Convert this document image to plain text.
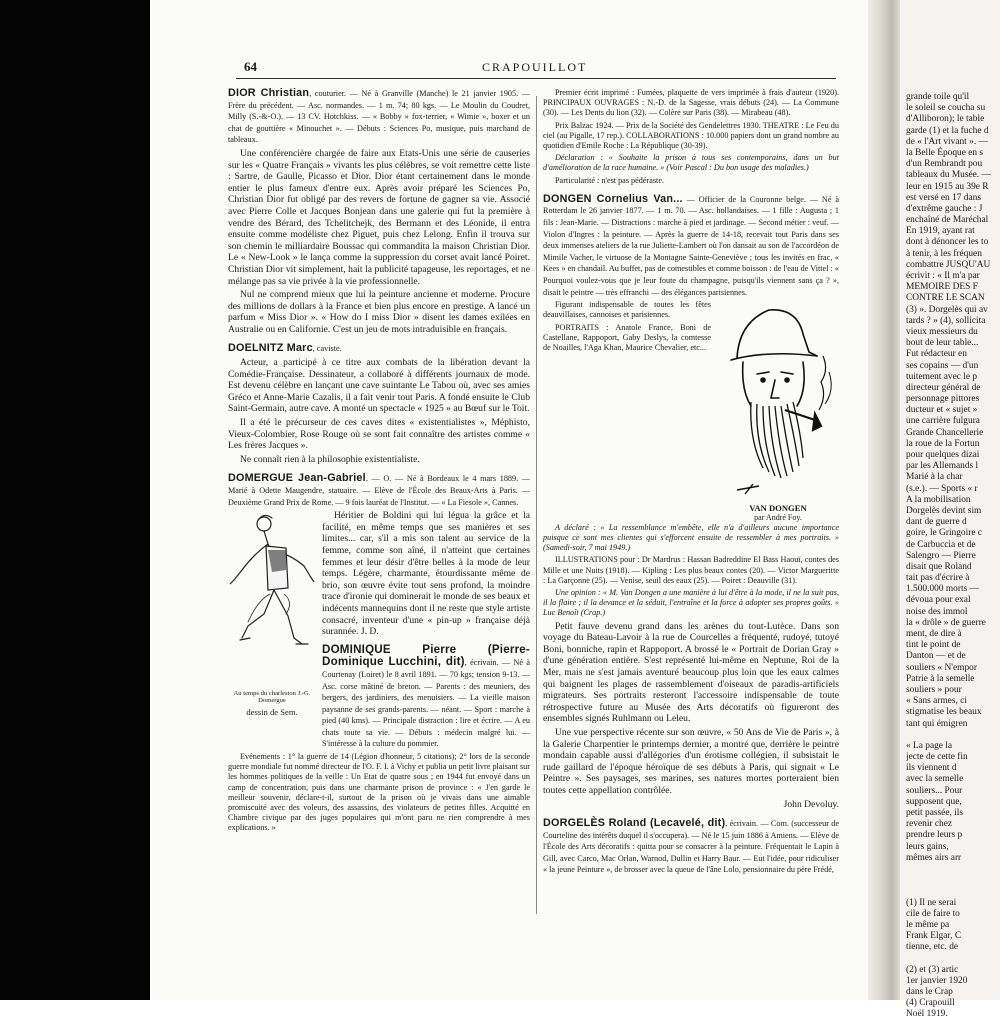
64	CRAPOUILLOT

DIOR Christian, couturier. — Né à Granville (Manche) le 21 janvier 1905. — Frère du précédent. — Asc. normandes. — 1 m. 74; 80 kgs. — Le Moulin du Coudret, Milly (S.-&-O.). — 13 CV. Hotchkiss. — « Bobby » fox-terrier, « Wimie », boxer et un chat de gouttière « Minouchet ». — Débuts : Sciences Po, musique, puis marchand de tableaux.

Une conférencière chargée de faire aux Etats-Unis une série de causeries sur les « Quatre Français » vivants les plus célèbres, se voit remettre cette liste : Sartre, de Gaulle, Picasso et Dior. Dior étant certainement dans le monde entier le plus fameux d'entre eux. Après avoir préparé les Sciences Po, Christian Dior fut obligé par des revers de fortune de gagner sa vie. Associé avec Pierre Colle et Jacques Bonjean dans une galerie qui fut la première à vendre des Bérard, des Tchelitchejk, des Bermann et des Léonide, il entra ensuite comme modéliste chez Piguet, puis chez Lelong. Enfin il trouva sur son chemin le milliardaire Boussac qui commandita la maison Christian Dior. Le « New-Look » le lança comme la suppression du corset avait lancé Poiret. Christian Dior vit simplement, hait la publicité tapageuse, les reportages, et ne mélange pas sa vie privée à la vie professionnelle.

Nul ne comprend mieux que lui la peinture ancienne et moderne. Procure des millions de dollars à la France et bien plus encore en prestige. A lancé un parfum « Miss Dior ». « How do I miss Dior » disent les dames exilées en Australie ou en Californie. C'est un jeu de mots intraduisible en français.

DOELNITZ Marc, caviste.

Acteur, a participé à ce titre aux combats de la libération devant la Comédie-Française. Dessinateur, a collaboré à différents journaux de mode. Est devenu célèbre en lançant une cave suintante Le Tabou où, avec ses amies Gréco et Anne-Marie Cazalis, il a fait venir tout Paris. A fondé ensuite le Club Saint-Germain, autre cave. A monté un spectacle « 1925 » au Bœuf sur le Toit.

Il a été le précurseur de ces caves dites « existentialistes », Méphisto, Vieux-Colombier, Rose Rouge où se sont fait connaître des artistes comme « Les frères Jacques ».

Ne connaît rien à la philosophie existentialiste.

DOMERGUE Jean-Gabriel. — O. — Né à Bordeaux le 4 mars 1889. — Marié à Odette Maugendre, statuaire. — Elève de l'École des Beaux-Arts à Paris. — Deuxième Grand Prix de Rome. — 9 fois lauréat de l'Institut. — « La Fiesole », Cannes.

Au temps du charleston J.-G. Domergue
dessin de Sem.

Héritier de Boldini qui lui légua la grâce et la facilité, en même temps que ses manières et ses limites... car, s'il a mis son talent au service de la femme, comme son aîné, il n'atteint que certaines femmes et leur désir d'être belles à la mode de leur temps. Légère, charmante, étourdissante même de brio, son œuvre évite tout sens profond, la moindre trace d'ironie qui dominerait le monde de ses beaux et indécents mannequins dont il ne reste que style artiste consacré, inventeur d'une « pin-up » française déjà surannée. J. D.

DOMINIQUE Pierre (Pierre-Dominique Lucchini, dit), écrivain. — Né à Courtenay (Loiret) le 8 avril 1891. — 70 kgs; tension 9-13. — Asc. corse mâtiné de breton. — Parents : des meuniers, des bergers, des jardiniers, des menuisiers. — La vieille maison paysanne de ses grands-parents. — néant. — Sport : marche à pied (40 kms). — Principale distraction : lire et écrire. — A eu chats toute sa vie. — Débuts : médecin malgré lui. — S'intéresse à la culture du pommier.

Evénements : 1° la guerre de 14 (Légion d'honneur, 5 citations); 2° lors de la seconde guerre mondiale fut nommé directeur de l'O. F. I. à Vichy et publia un petit livre plaisant sur les hommes politiques de la veille : Un Etat de quatre sous ; en 1944 fut envoyé dans un camp de concentration, puis dans une charmante prison de province : « J'en garde le meilleur souvenir, déclare-t-il, surtout de la prison où je vivais dans une aimable promiscuité avec des voleurs, des assassins, des violateurs de petites filles. Acquitté en Chambre civique par des juges populaires qui m'ont paru ne rien comprendre à mes explications. »

Premier écrit imprimé : Fumées, plaquette de vers imprimée à frais d'auteur (1920). PRINCIPAUX OUVRAGES : N.-D. de la Sagesse, vrais débuts (24). — La Commune (30). — Les Dents du lion (32). — Colère sur Paris (38). — Mirabeau (48).

Prix Balzac 1924. — Prix de la Société des Gendelettres 1930. THEATRE : Le Feu du ciel (au Pigalle, 17 rep.). COLLABORATIONS : 10.000 papiers dont un grand nombre au quotidien d'Emile Roche : La République (30-39).

Déclaration : « Souhaite la prison à tous ses contemporains, dans un but d'amélioration de la race humaine. » (Voir Pascal : Du bon usage des maladies.)

Particularité : n'est pas pédéraste.

DONGEN Cornelius Van... — Officier de la Couronne belge. — Né à Rotterdam le 26 janvier 1877. — 1 m. 70. — Asc. hollandaises. — 1 fille : Augusta ; 1 fils : Jean-Marie. — Distractions : marche à pied et jardinage. — Second métier : veuf. — Violon d'Ingres : la peinture. — Après la guerre de 14-18, recevait tout Paris dans ses deux immenses ateliers de la rue Juliette-Lambert où l'on dansait au son de l'accordéon de Mimile Vacher, le virtuose de la Montagne Sainte-Geneviève ; tous les invités en frac, « Kees » en chandail. Au buffet, pas de comestibles et comme boisson : de l'eau de Vittel : « Pourquoi voulez-vous que je leur foute du champagne, puisqu'ils viennent sans ça ? », disait le peintre — très effranchi — des élégances parisiennes.

Figurant indispensable de toutes les fêtes deauvillaises, cannoises et parisiennes.

PORTRAITS : Anatole France, Boni de Castellane, Rappoport, Gaby Deslys, la comtesse de Noailles, l'Aga Khan, Maurice Chevalier, etc...

VAN DONGEN
par André Foy.

A déclaré : « La ressemblance m'embête, elle n'a d'ailleurs aucune importance puisque ce sont mes clientes qui s'efforcent ensuite de ressembler à mes portraits. » (Samedi-soir, 7 mai 1949.)

ILLUSTRATIONS pour : Dr Mardrus : Hassan Badreddine El Bass Haouï, contes des Mille et une Nuits (1918). — Kipling : Les plus beaux contes (20). — Victor Margueritte : La Garçonne (25). — Venise, seuil des eaux (25). — Poiret : Deauville (31).

Une opinion : « M. Van Dongen a une manière à lui d'être à la mode, il ne la suit pas, il la flaire ; il la devance et la séduit, l'entraîne et la force à adopter ses propres goûts. » Luc Benoît (Crap.)

Petit fauve devenu grand dans les arènes du tout-Lutèce. Dans son voyage du Bateau-Lavoir à la rue de Courcelles a fréquenté, rudoyé, tutoyé Boni, bonniche, rapin et Rappoport. A brossé le « Portrait de Dorian Gray » d'une génération entière. S'est représenté lui-même en Neptune, Roi de la Mer, mais ne s'est jamais aventuré beaucoup plus loin que les eaux calmes qui baignent les plages de rassemblement d'oiseaux de paradis-artificiels migrateurs. Ses portraits resteront l'accessoire indispensable de toute rétrospective future au Musée des Arts décoratifs où figureront des ensembles signés Ruhlmann ou Leleu.

Une vue perspective récente sur son œuvre, « 50 Ans de Vie de Paris », à la Galerie Charpentier le printemps dernier, a montré que, derrière le peintre mondain capable aussi d'allégories d'un érotisme collégien, il subsistait le rude gaillard de l'époque héroïque de ses débuts à Paris, qui signait « Le Peintre ». Ses paysages, ses marines, ses natures mortes porteraient bien toutes cette appellation contrôlée.

John Devoluy.

DORGELÈS Roland (Lecavelé, dit), écrivain. — Com. (successeur de Courteline des intérêts duquel il s'occupera). — Né le 15 juin 1886 à Amiens. — Elève de l'École des Arts décoratifs : quitta pour se consacrer à la peinture. Fréquentait le Lapin à Gill, avec Carco, Mac Orlan, Warnod, Dullin et Harry Baur. — Eut l'idée, pour ridiculiser « la jeune Peinture », de brosser avec la queue de l'âne Lolo, pensionnaire du père Frédé,

grande toile qu'il
le soleil se coucha su
d'Alliboron); le table
garde (1) et la fuche d
de « l'Art vivant ». —
la Belle Époque en s
d'un Rembrandt pou
tableaux du Musée. —
leur en 1915 au 39e R
est versé en 17 dans
d'extrême gauche : J
enchaîné de Maréchal
En 1919, ayant rat
dont à dénoncer les to
à tenir, à les fréquen
combattre JUSQU'AU
écrivit : « Il m'a par
MEMOIRE DES F
CONTRE LE SCAN
(3) ». Dorgelès qui av
tards ? » (4), sollicita
vieux messieurs du
bout de leur table...
Fut rédacteur en
ses copains — d'un
tuitement avec le p
directeur général de
personnage pittores
ducteur et « sujet »
une carrière fulgura
Grande Chancellerie
la roue de la Fortun
pour quelques dizai
par les Allemands l
Marié à la char
(s.e.). — Sports « r
A la mobilisation
Dorgelès devint sim
dant de guerre d
goire, le Gringoire c
de Carbuccia et de
Salengro — Pierre
disait que Roland
tait pas d'écrire à
1.500.000 morts —
dévoua pour exal
noise des immol
la « drôle » de guerre
ment, de dire à
tint le point de
Danton — et de
souliers « N'empor
Patrie à la semelle
souliers » pour
« Sans armes, ci
stigmatise les beaux
tant qui émigren
« La page la
jecte de cette fin
ils viennent d
avec la semelle
souliers... Pour
supposent que,
petit passée, ils
revenir chez
prendre leurs p
leurs gains,
mêmes airs arr
(1) Il ne serai
cile de faire to
le même pa
Frank Elgar, C
tienne, etc. de
(2) et (3) artic
1er janvier 1920
dans le Crap
(4) Crapouill
Noël 1919.
